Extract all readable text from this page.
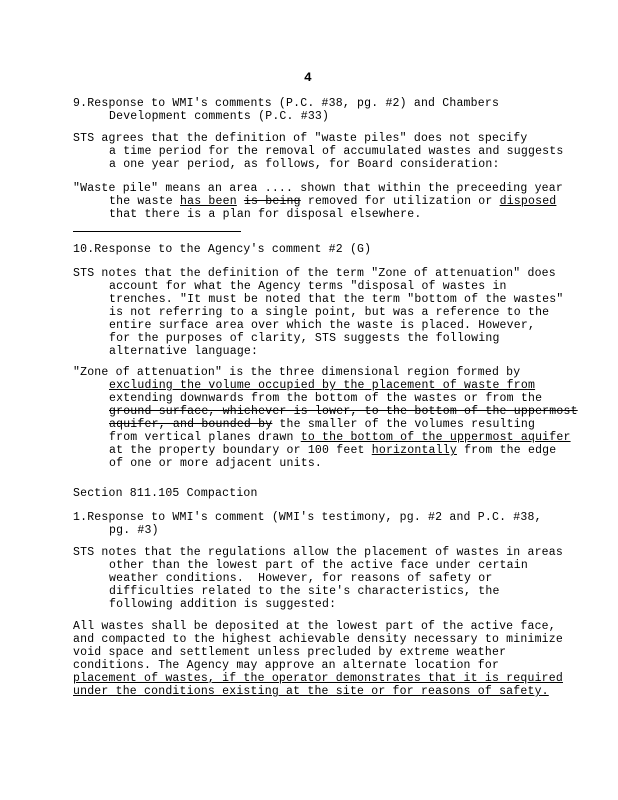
4
9.Response to WMI's comments (P.C. #38, pg. #2) and Chambers
Development comments (P.C. #33)
STS agrees that the definition of "waste piles" does not specify
a time period for the removal of accumulated wastes and suggests
a one year period, as follows, for Board consideration:
"Waste pile" means an area .... shown that within the preceeding year
the waste has been is being removed for utilization or disposed
that there is a plan for disposal elsewhere.
10.Response to the Agency's comment #2 (G)
STS notes that the definition of the term "Zone of attenuation" does
account for what the Agency terms "disposal of wastes in
trenches. "It must be noted that the term "bottom of the wastes"
is not referring to a single point, but was a reference to the
entire surface area over which the waste is placed. However,
for the purposes of clarity, STS suggests the following
alternative language:
"Zone of attenuation" is the three dimensional region formed by
excluding the volume occupied by the placement of waste from
extending downwards from the bottom of the wastes or from the
ground surface, whichever is lower, to the bottom of the uppermost
aquifer, and bounded by the smaller of the volumes resulting
from vertical planes drawn to the bottom of the uppermost aquifer
at the property boundary or 100 feet horizontally from the edge
of one or more adjacent units.
Section 811.105 Compaction
1.Response to WMI's comment (WMI's testimony, pg. #2 and P.C. #38,
pg. #3)
STS notes that the regulations allow the placement of wastes in areas
other than the lowest part of the active face under certain
weather conditions.  However, for reasons of safety or
difficulties related to the site's characteristics, the
following addition is suggested:
All wastes shall be deposited at the lowest part of the active face,
and compacted to the highest achievable density necessary to minimize
void space and settlement unless precluded by extreme weather
conditions. The Agency may approve an alternate location for
placement of wastes, if the operator demonstrates that it is required
under the conditions existing at the site or for reasons of safety.
